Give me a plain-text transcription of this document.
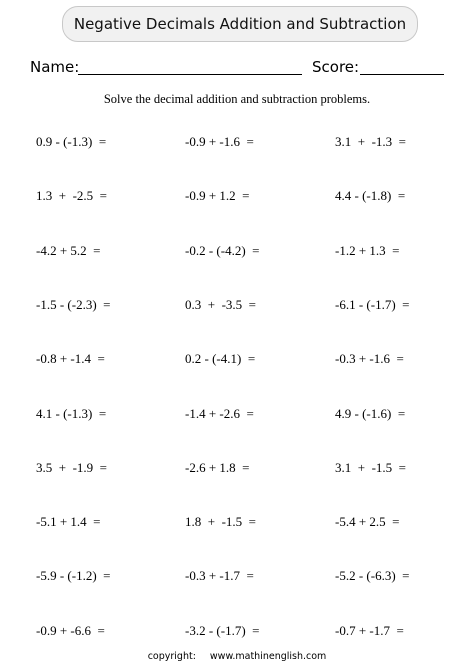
Negative Decimals Addition and Subtraction
Name:	Score:
Solve the decimal addition and subtraction problems.
0.9 - (-1.3)  =	-0.9 + -1.6  =	3.1  +  -1.3  =
1.3  +  -2.5  =	-0.9 + 1.2  =	4.4 - (-1.8)  =
-4.2 + 5.2  =	-0.2 - (-4.2)  =	-1.2 + 1.3  =
-1.5 - (-2.3)  =	0.3  +  -3.5  =	-6.1 - (-1.7)  =
-0.8 + -1.4  =	0.2 - (-4.1)  =	-0.3 + -1.6  =
4.1 - (-1.3)  =	-1.4 + -2.6  =	4.9 - (-1.6)  =
3.5  +  -1.9  =	-2.6 + 1.8  =	3.1  +  -1.5  =
-5.1 + 1.4  =	1.8  +  -1.5  =	-5.4 + 2.5  =
-5.9 - (-1.2)  =	-0.3 + -1.7  =	-5.2 - (-6.3)  =
-0.9 + -6.6  =	-3.2 - (-1.7)  =	-0.7 + -1.7  =
copyright: www.mathinenglish.com
